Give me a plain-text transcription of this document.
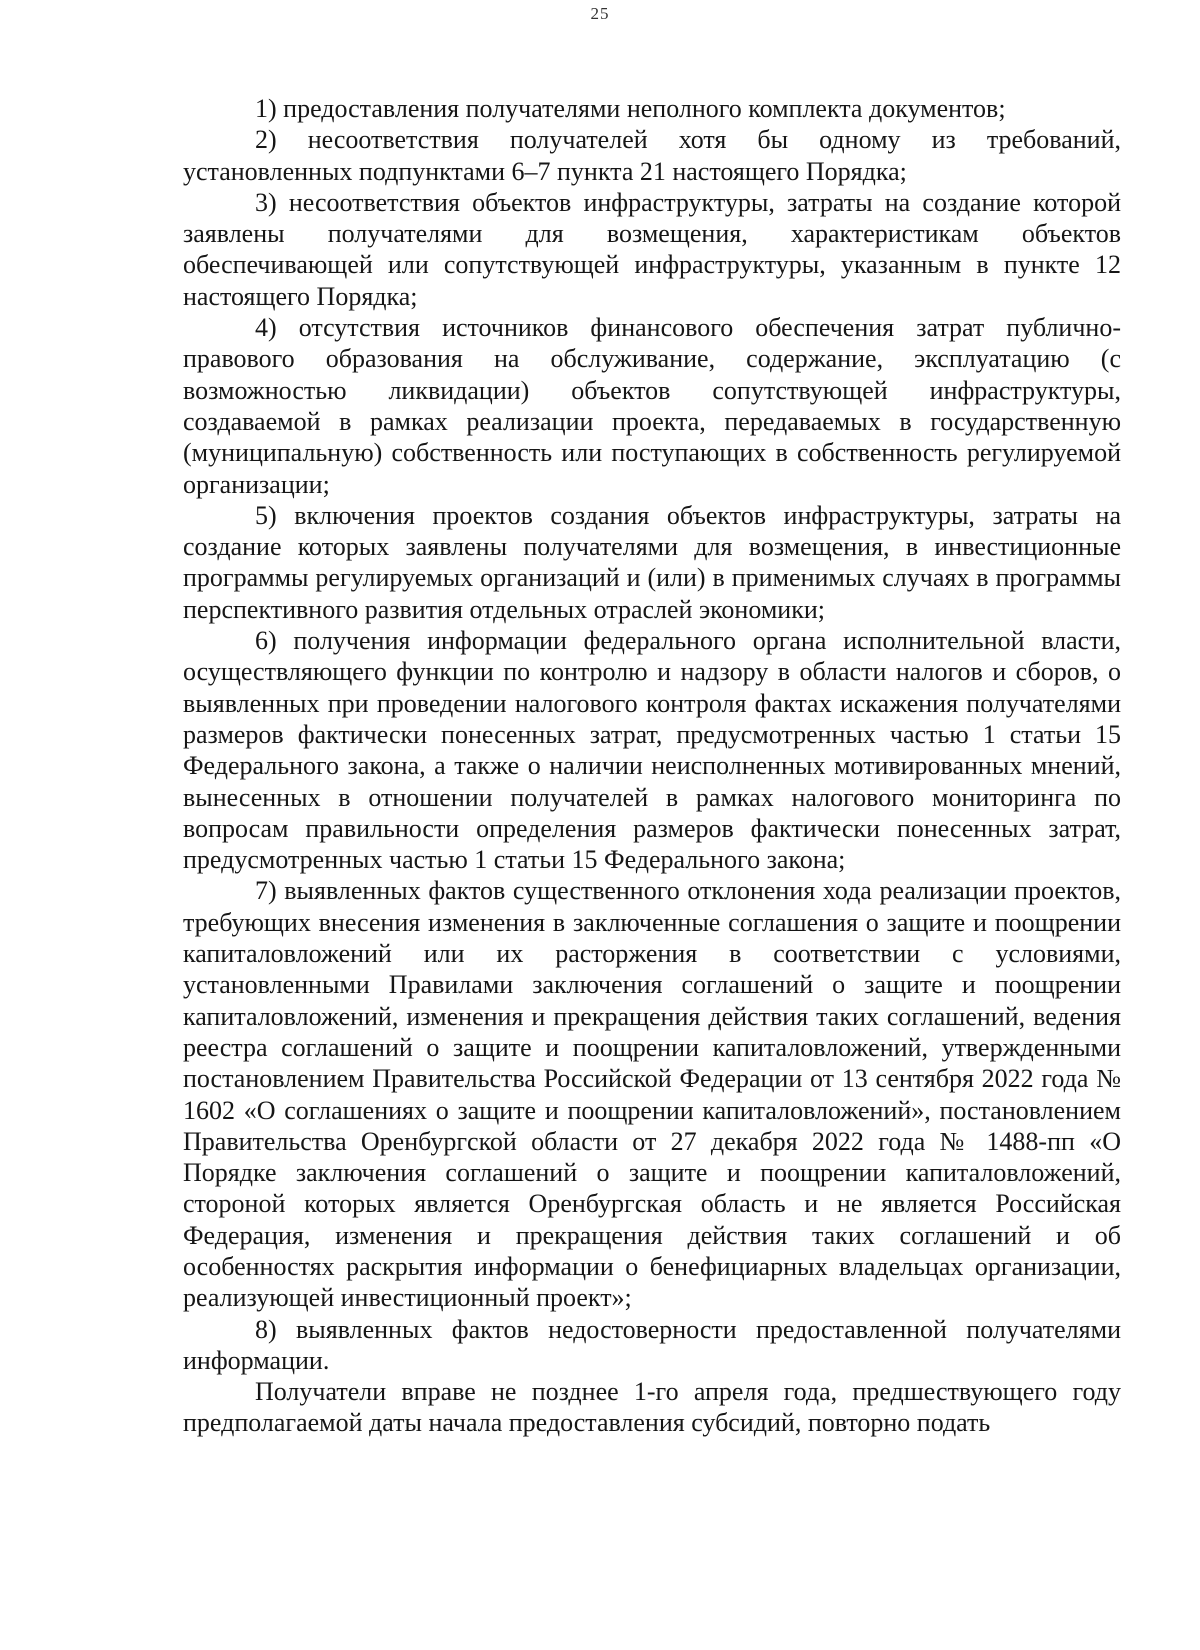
25

1) предоставления получателями неполного комплекта документов;

2) несоответствия получателей хотя бы одному из требований, установленных подпунктами 6–7 пункта 21 настоящего Порядка;

3) несоответствия объектов инфраструктуры, затраты на создание которой заявлены получателями для возмещения, характеристикам объектов обеспечивающей или сопутствующей инфраструктуры, указанным в пункте 12 настоящего Порядка;

4) отсутствия источников финансового обеспечения затрат публично-правового образования на обслуживание, содержание, эксплуатацию (с возможностью ликвидации) объектов сопутствующей инфраструктуры, создаваемой в рамках реализации проекта, передаваемых в государственную (муниципальную) собственность или поступающих в собственность регулируемой организации;

5) включения проектов создания объектов инфраструктуры, затраты на создание которых заявлены получателями для возмещения, в инвестиционные программы регулируемых организаций и (или) в применимых случаях в программы перспективного развития отдельных отраслей экономики;

6) получения информации федерального органа исполнительной власти, осуществляющего функции по контролю и надзору в области налогов и сборов, о выявленных при проведении налогового контроля фактах искажения получателями размеров фактически понесенных затрат, предусмотренных частью 1 статьи 15 Федерального закона, а также о наличии неисполненных мотивированных мнений, вынесенных в отношении получателей в рамках налогового мониторинга по вопросам правильности определения размеров фактически понесенных затрат, предусмотренных частью 1 статьи 15 Федерального закона;

7) выявленных фактов существенного отклонения хода реализации проектов, требующих внесения изменения в заключенные соглашения о защите и поощрении капиталовложений или их расторжения в соответствии с условиями, установленными Правилами заключения соглашений о защите и поощрении капиталовложений, изменения и прекращения действия таких соглашений, ведения реестра соглашений о защите и поощрении капиталовложений, утвержденными постановлением Правительства Российской Федерации от 13 сентября 2022 года № 1602 «О соглашениях о защите и поощрении капиталовложений», постановлением Правительства Оренбургской области от 27 декабря 2022 года № 1488-пп «О Порядке заключения соглашений о защите и поощрении капиталовложений, стороной которых является Оренбургская область и не является Российская Федерация, изменения и прекращения действия таких соглашений и об особенностях раскрытия информации о бенефициарных владельцах организации, реализующей инвестиционный проект»;

8) выявленных фактов недостоверности предоставленной получателями информации.

Получатели вправе не позднее 1-го апреля года, предшествующего году предполагаемой даты начала предоставления субсидий, повторно подать
